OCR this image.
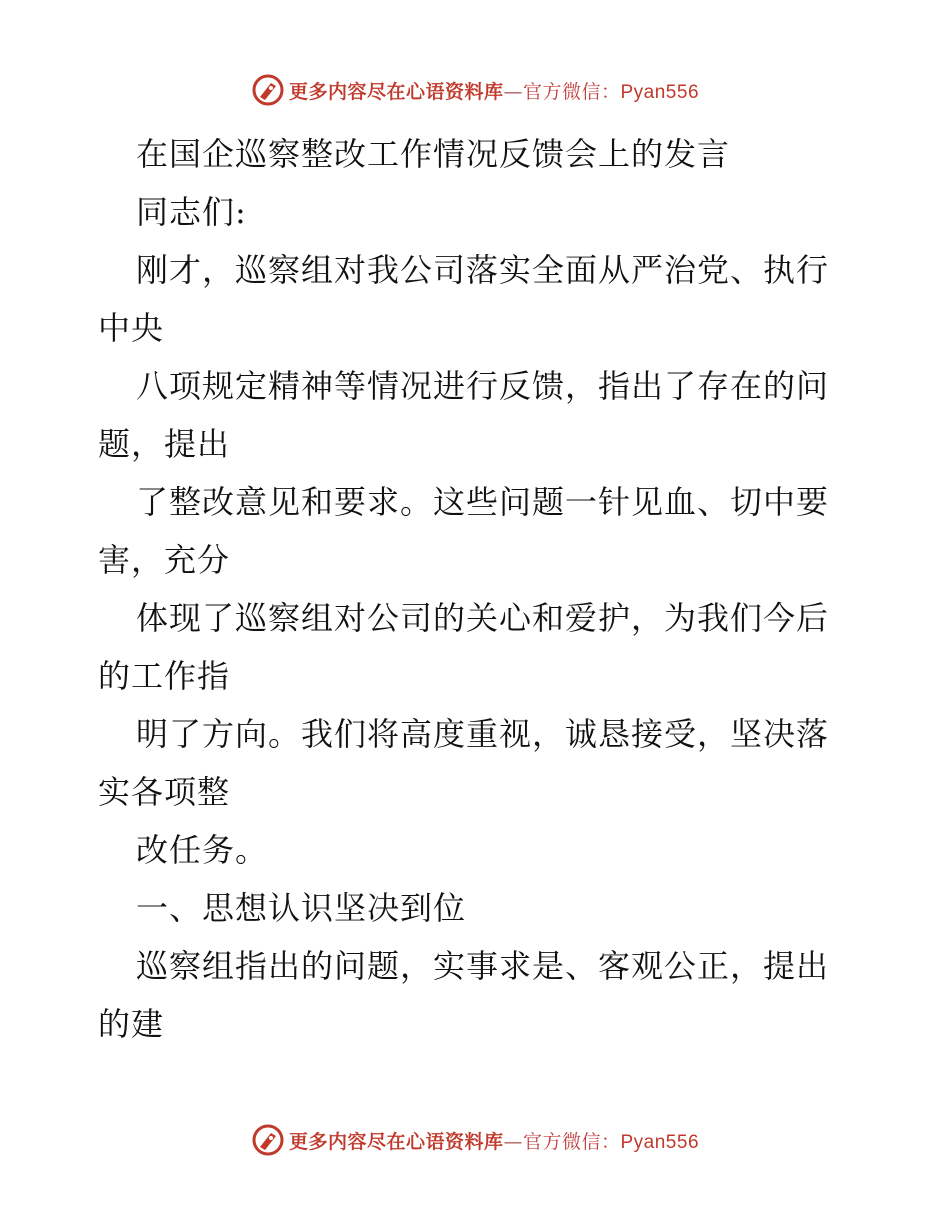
更多内容尽在心语资料库 — 官方微信： Pyan556
在国企巡察整改工作情况反馈会上的发言
同志们:
刚才，巡察组对我公司落实全面从严治党、执行
中央
八项规定精神等情况进行反馈，指出了存在的问
题，提出
了整改意见和要求。这些问题一针见血、切中要
害，充分
体现了巡察组对公司的关心和爱护，为我们今后
的工作指
明了方向。我们将高度重视，诚恳接受，坚决落
实各项整
改任务。
一、思想认识坚决到位
巡察组指出的问题，实事求是、客观公正，提出
的建
更多内容尽在心语资料库 — 官方微信： Pyan556
